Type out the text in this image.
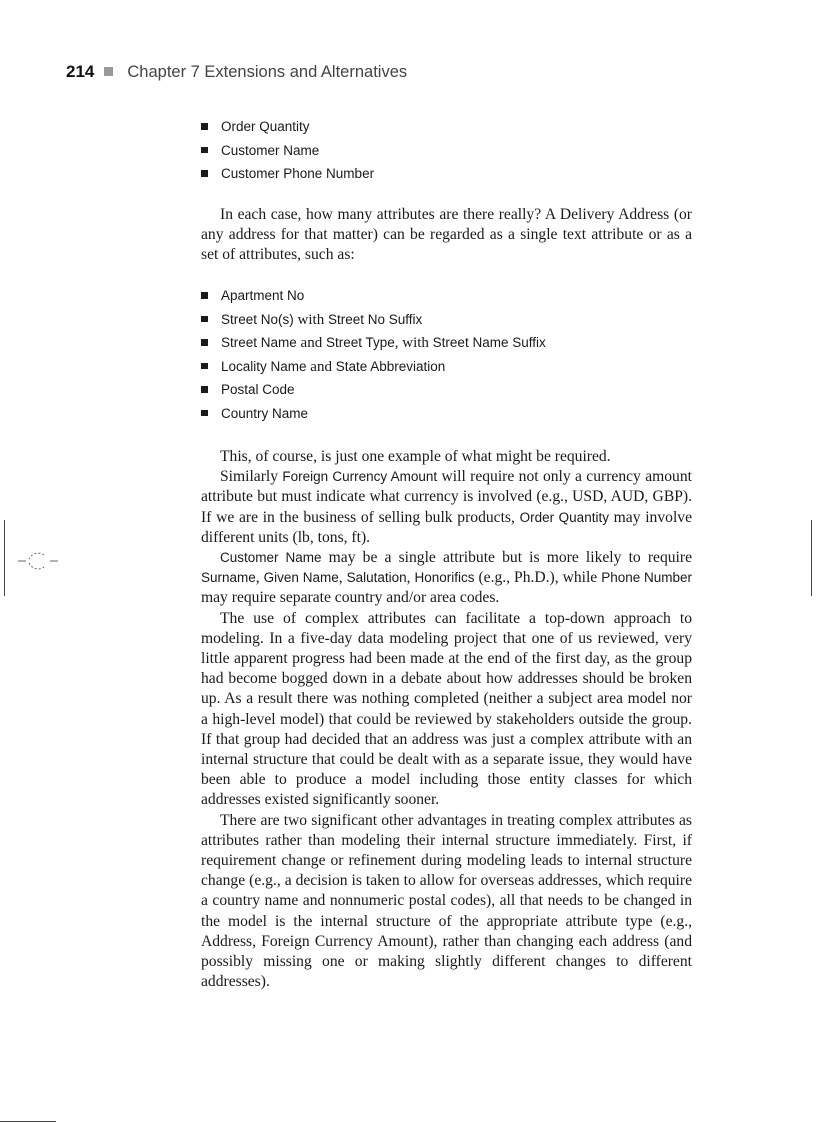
214 Chapter 7 Extensions and Alternatives
Order Quantity
Customer Name
Customer Phone Number

In each case, how many attributes are there really? A Delivery Address (or any address for that matter) can be regarded as a single text attribute or as a set of attributes, such as:

Apartment No
Street No(s) with Street No Suffix
Street Name and Street Type, with Street Name Suffix
Locality Name and State Abbreviation
Postal Code
Country Name

This, of course, is just one example of what might be required.

Similarly Foreign Currency Amount will require not only a currency amount attribute but must indicate what currency is involved (e.g., USD, AUD, GBP). If we are in the business of selling bulk products, Order Quantity may involve different units (lb, tons, ft).

Customer Name may be a single attribute but is more likely to require Surname, Given Name, Salutation, Honorifics (e.g., Ph.D.), while Phone Number may require separate country and/or area codes.

The use of complex attributes can facilitate a top-down approach to modeling. In a five-day data modeling project that one of us reviewed, very little apparent progress had been made at the end of the first day, as the group had become bogged down in a debate about how addresses should be broken up. As a result there was nothing completed (neither a subject area model nor a high-level model) that could be reviewed by stakeholders outside the group. If that group had decided that an address was just a complex attribute with an internal structure that could be dealt with as a separate issue, they would have been able to produce a model including those entity classes for which addresses existed significantly sooner.

There are two significant other advantages in treating complex attributes as attributes rather than modeling their internal structure immediately. First, if requirement change or refinement during modeling leads to internal structure change (e.g., a decision is taken to allow for overseas addresses, which require a country name and nonnumeric postal codes), all that needs to be changed in the model is the internal structure of the appropriate attribute type (e.g., Address, Foreign Currency Amount), rather than changing each address (and possibly missing one or making slightly different changes to different addresses).
